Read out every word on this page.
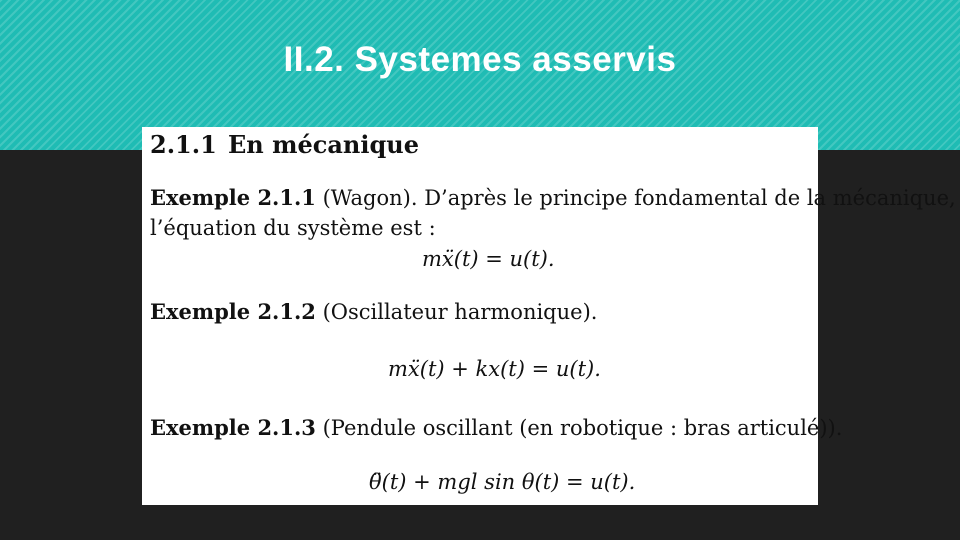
II.2. Systemes asservis
2.1.1 En mécanique
Exemple 2.1.1 (Wagon). D’après le principe fondamental de la mécanique,
l’équation du système est :
mẍ(t) = u(t).
Exemple 2.1.2 (Oscillateur harmonique).
mẍ(t) + kx(t) = u(t).
Exemple 2.1.3 (Pendule oscillant (en robotique : bras articulé)).
θ̈(t) + mgl sin θ(t) = u(t).
